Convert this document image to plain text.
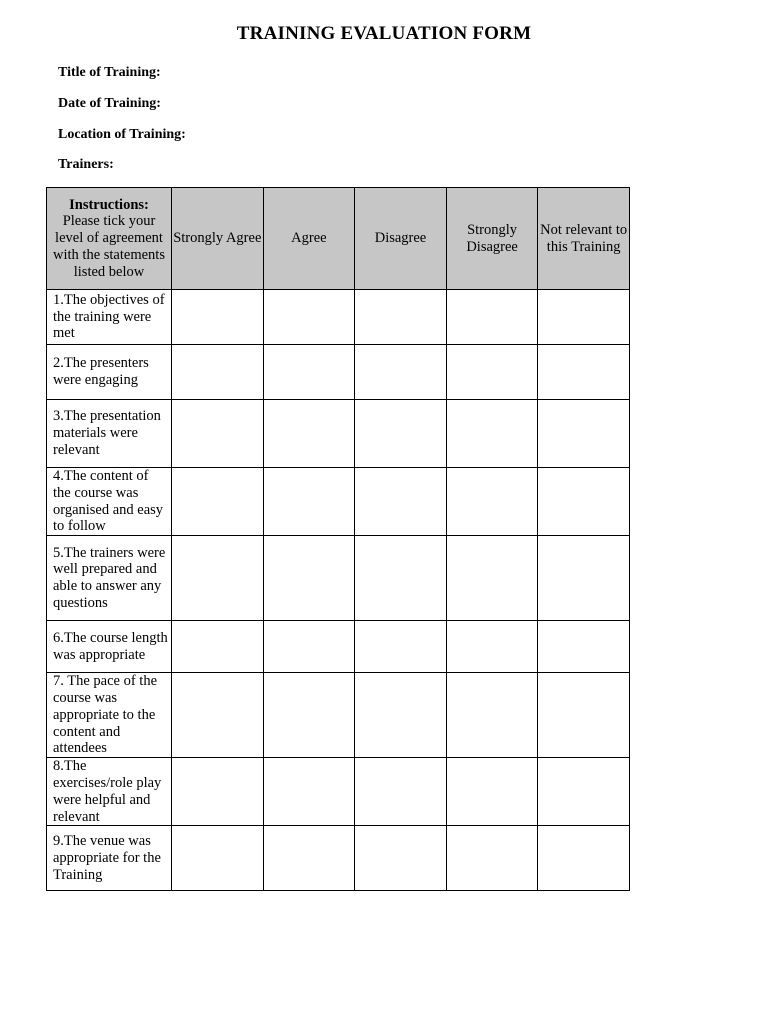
TRAINING EVALUATION FORM
Title of Training:
Date of Training:
Location of Training:
Trainers:
Instructions:
Please tick your level of agreement with the statements listed below	Strongly Agree	Agree	Disagree	Strongly Disagree	Not relevant to this Training
1.The objectives of the training were met					
2.The presenters were engaging					
3.The presentation materials were relevant					
4.The content of the course was organised and easy to follow					
5.The trainers were well prepared and able to answer any questions					
6.The course length was appropriate					
7. The pace of the course was appropriate to the content and attendees					
8.The exercises/role play were helpful and relevant					
9.The venue was appropriate for the Training					
